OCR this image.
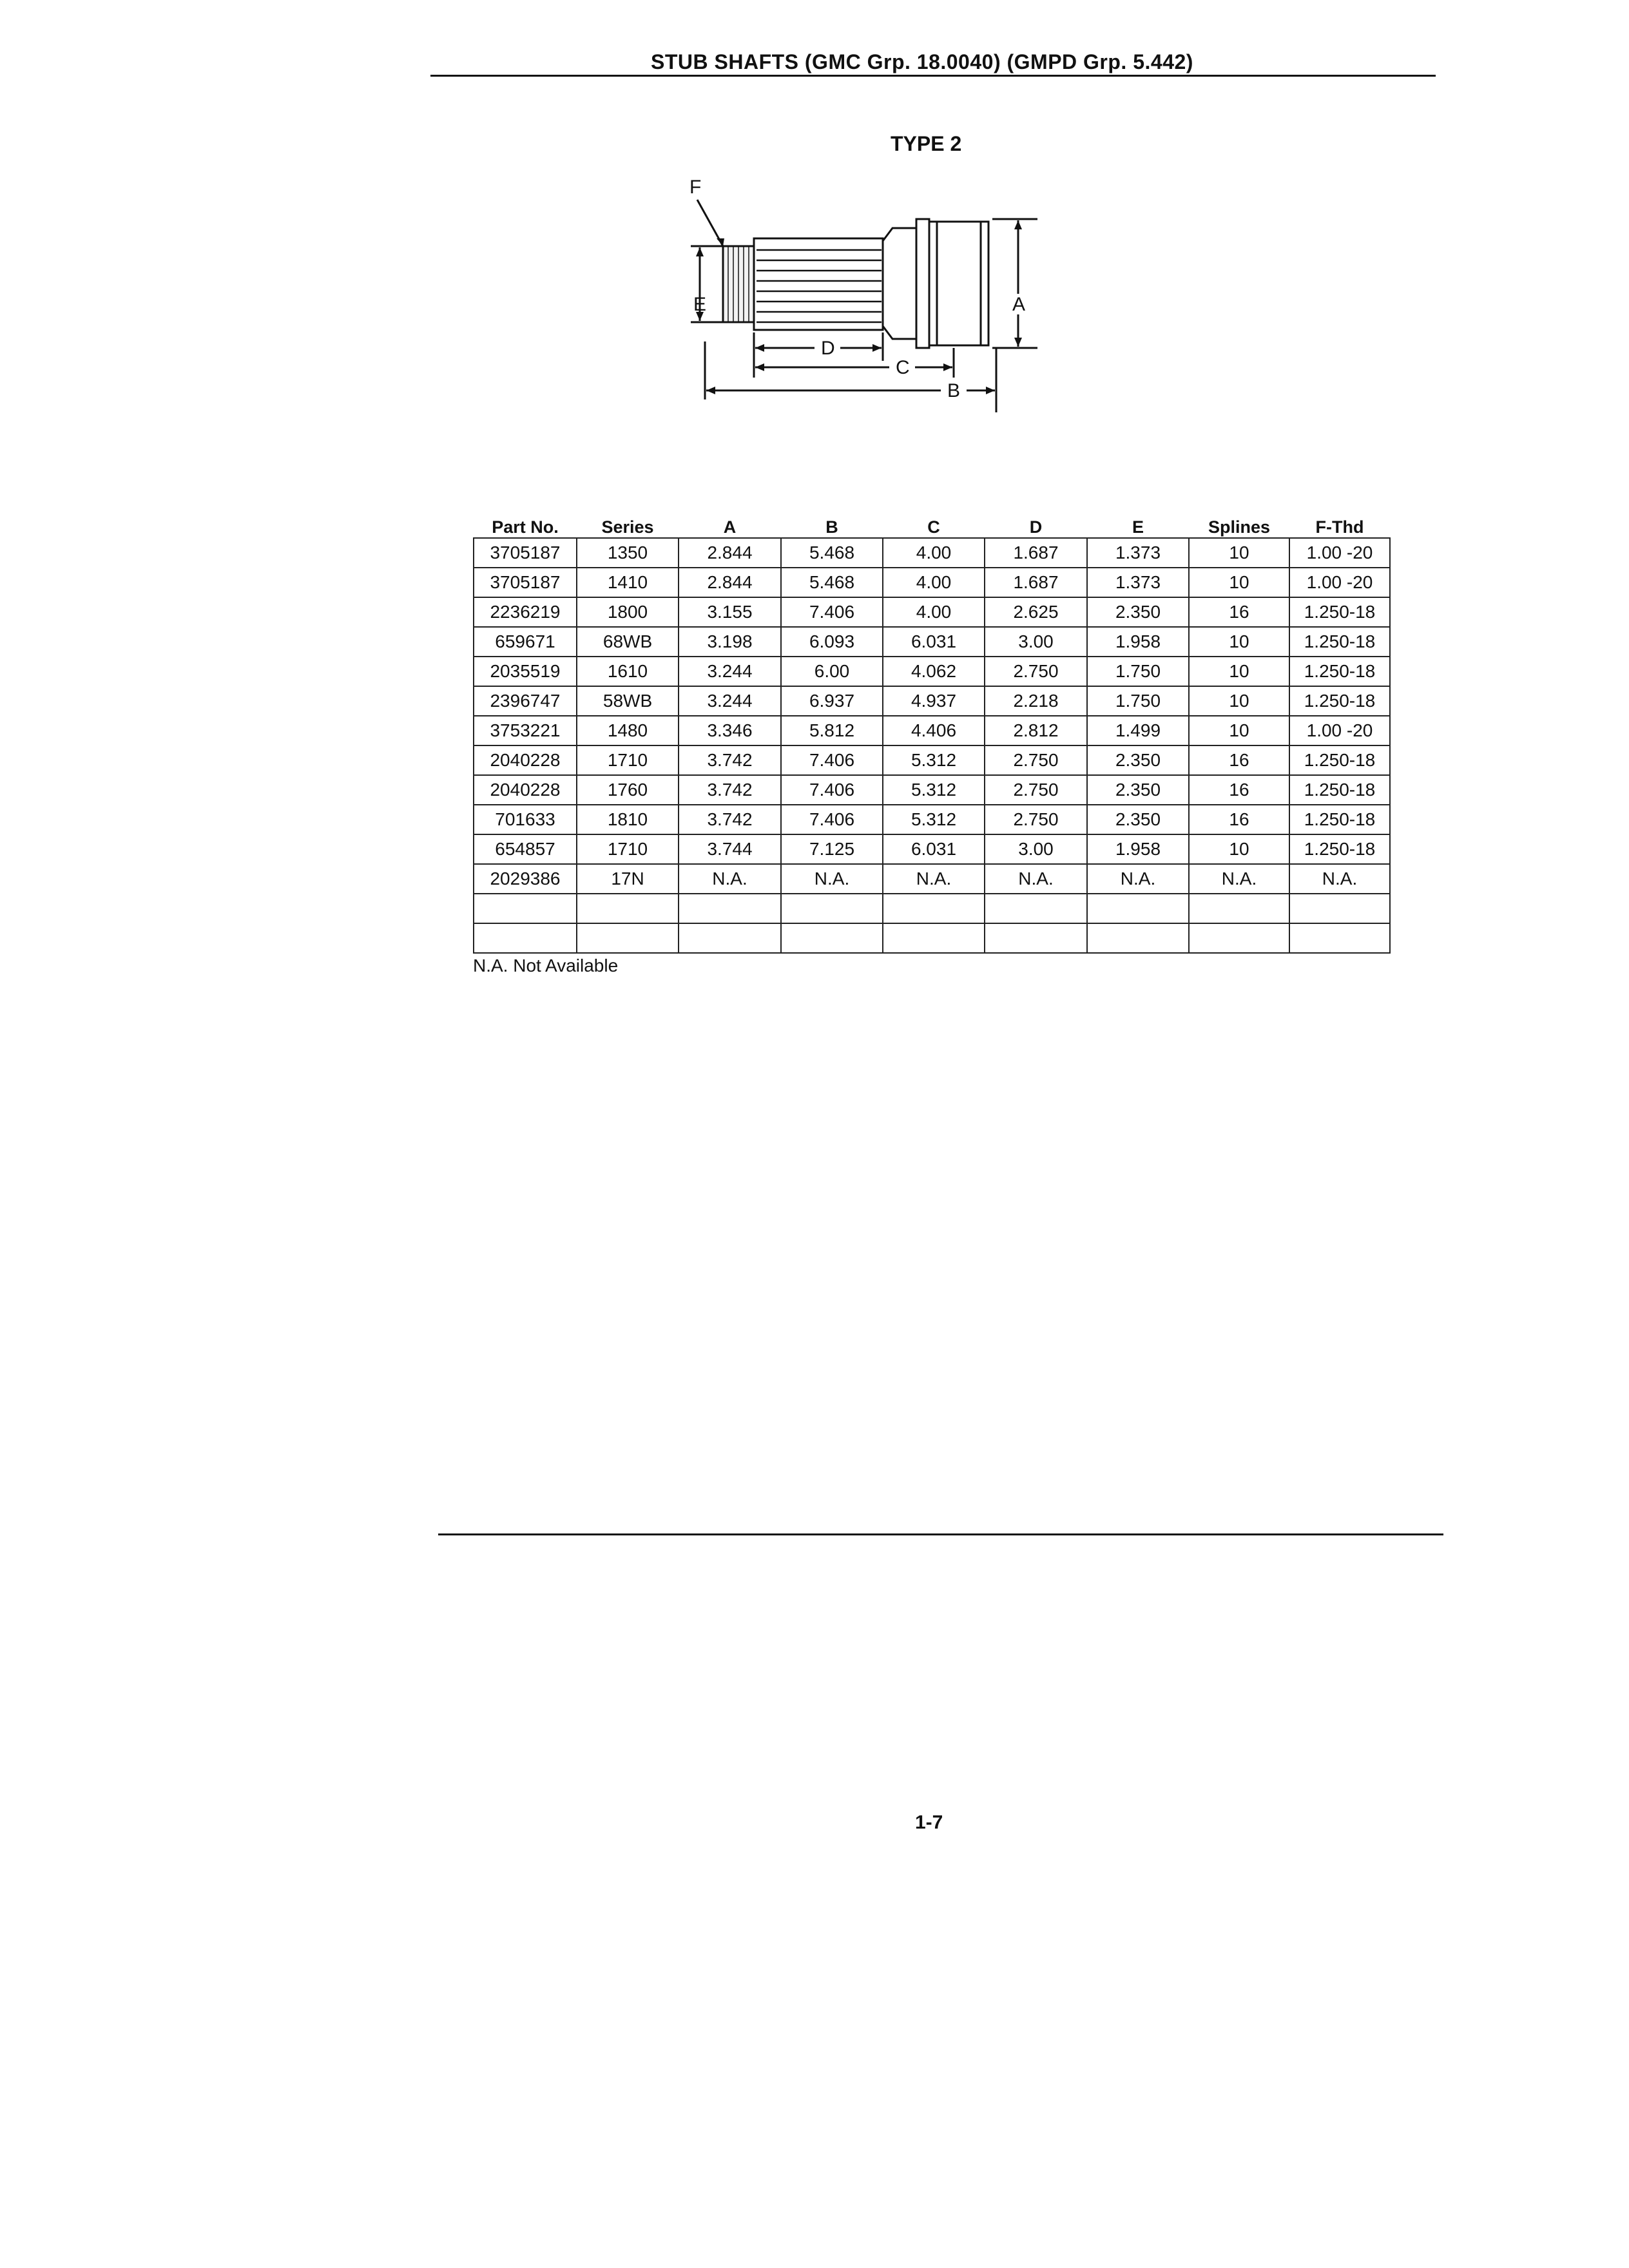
STUB SHAFTS (GMC Grp. 18.0040) (GMPD Grp. 5.442)
TYPE 2
F
A
E
D
C
B
Part No.	Series	A	B	C	D	E	Splines	F-Thd
3705187	1350	2.844	5.468	4.00	1.687	1.373	10	1.00 -20
3705187	1410	2.844	5.468	4.00	1.687	1.373	10	1.00 -20
2236219	1800	3.155	7.406	4.00	2.625	2.350	16	1.250-18
659671	68WB	3.198	6.093	6.031	3.00	1.958	10	1.250-18
2035519	1610	3.244	6.00	4.062	2.750	1.750	10	1.250-18
2396747	58WB	3.244	6.937	4.937	2.218	1.750	10	1.250-18
3753221	1480	3.346	5.812	4.406	2.812	1.499	10	1.00 -20
2040228	1710	3.742	7.406	5.312	2.750	2.350	16	1.250-18
2040228	1760	3.742	7.406	5.312	2.750	2.350	16	1.250-18
701633	1810	3.742	7.406	5.312	2.750	2.350	16	1.250-18
654857	1710	3.744	7.125	6.031	3.00	1.958	10	1.250-18
2029386	17N	N.A.	N.A.	N.A.	N.A.	N.A.	N.A.	N.A.

N.A. Not Available
1-7
